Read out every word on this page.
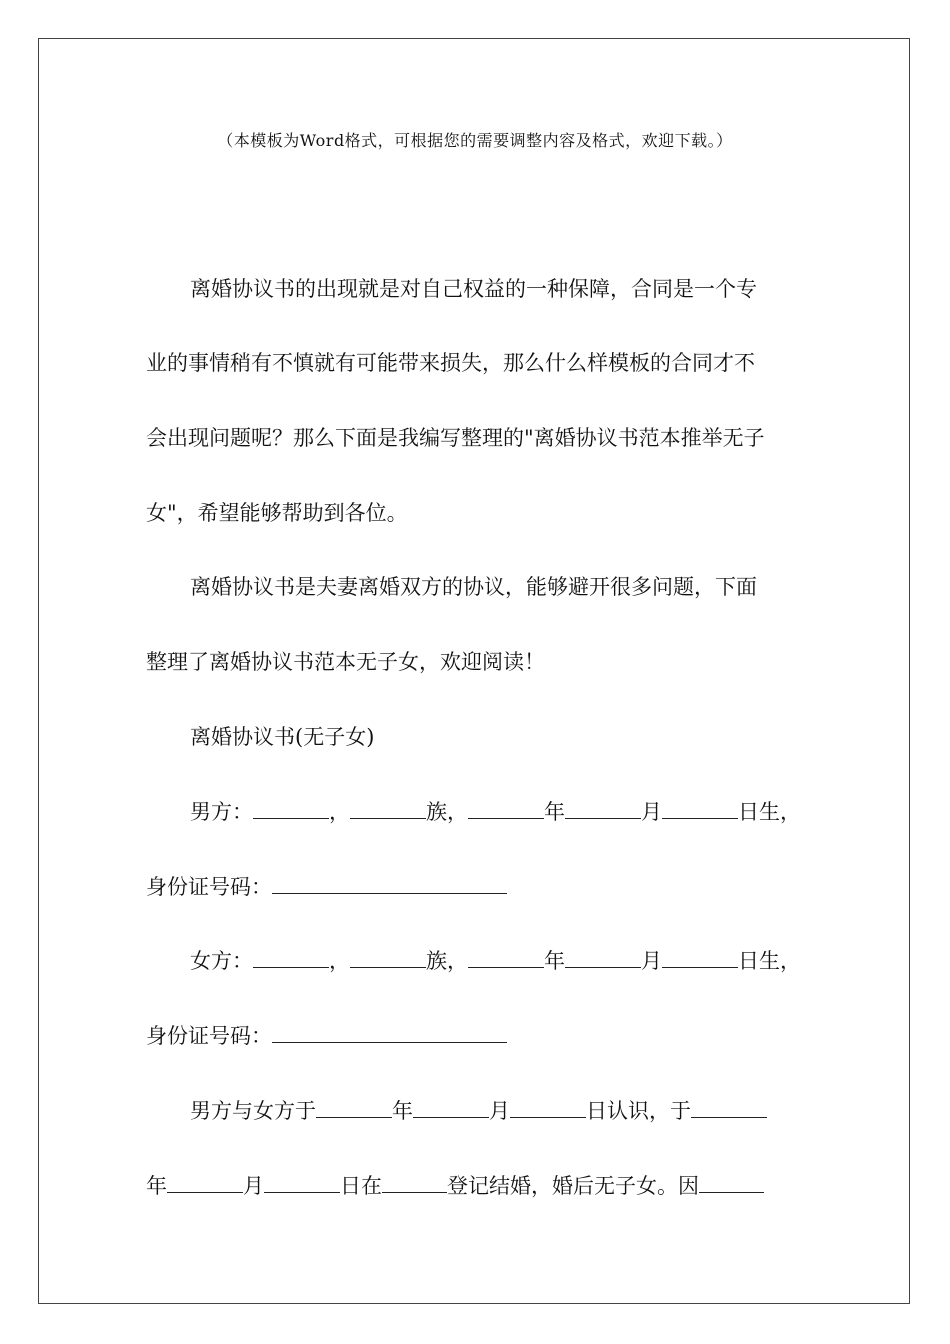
（本模板为Word格式，可根据您的需要调整内容及格式，欢迎下载。）
离婚协议书的出现就是对自己权益的一种保障，合同是一个专
业的事情稍有不慎就有可能带来损失，那么什么样模板的合同才不
会出现问题呢？那么下面是我编写整理的"离婚协议书范本推举无子
女"，希望能够帮助到各位。
离婚协议书是夫妻离婚双方的协议，能够避开很多问题，下面
整理了离婚协议书范本无子女，欢迎阅读！
离婚协议书(无子女)
男方：	，	族，	年	月	日生，
身份证号码：
女方：	，	族，	年	月	日生，
身份证号码：
男方与女方于	年	月	日认识，于
年	月	日在	登记结婚，婚后无子女。因
